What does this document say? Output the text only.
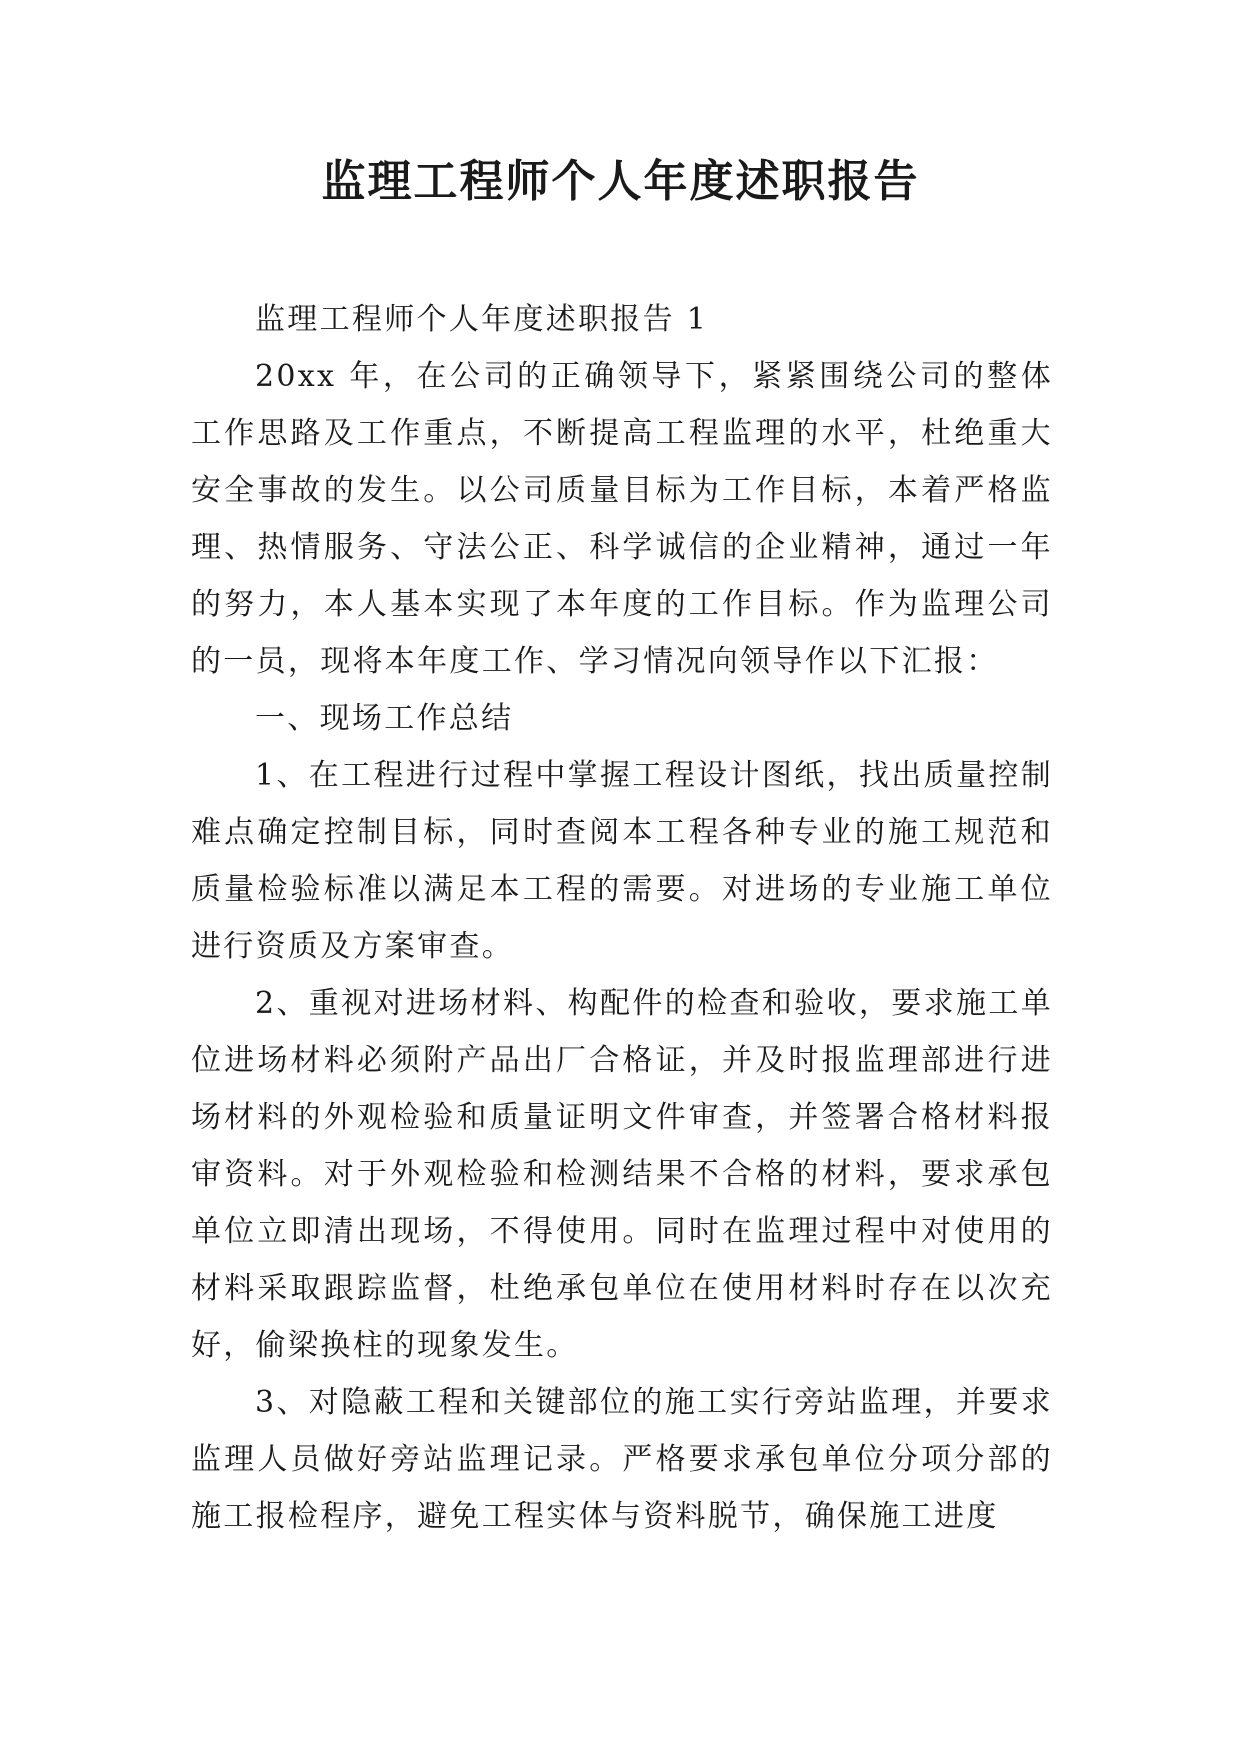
监理工程师个人年度述职报告

监理工程师个人年度述职报告 1

20xx 年，在公司的正确领导下，紧紧围绕公司的整体工作思路及工作重点，不断提高工程监理的水平，杜绝重大安全事故的发生。以公司质量目标为工作目标，本着严格监理、热情服务、守法公正、科学诚信的企业精神，通过一年的努力，本人基本实现了本年度的工作目标。作为监理公司的一员，现将本年度工作、学习情况向领导作以下汇报：

一、现场工作总结

1、在工程进行过程中掌握工程设计图纸，找出质量控制难点确定控制目标，同时查阅本工程各种专业的施工规范和质量检验标准以满足本工程的需要。对进场的专业施工单位进行资质及方案审查。

2、重视对进场材料、构配件的检查和验收，要求施工单位进场材料必须附产品出厂合格证，并及时报监理部进行进场材料的外观检验和质量证明文件审查，并签署合格材料报审资料。对于外观检验和检测结果不合格的材料，要求承包单位立即清出现场，不得使用。同时在监理过程中对使用的材料采取跟踪监督，杜绝承包单位在使用材料时存在以次充好，偷梁换柱的现象发生。

3、对隐蔽工程和关键部位的施工实行旁站监理，并要求监理人员做好旁站监理记录。严格要求承包单位分项分部的施工报检程序，避免工程实体与资料脱节，确保施工进度
